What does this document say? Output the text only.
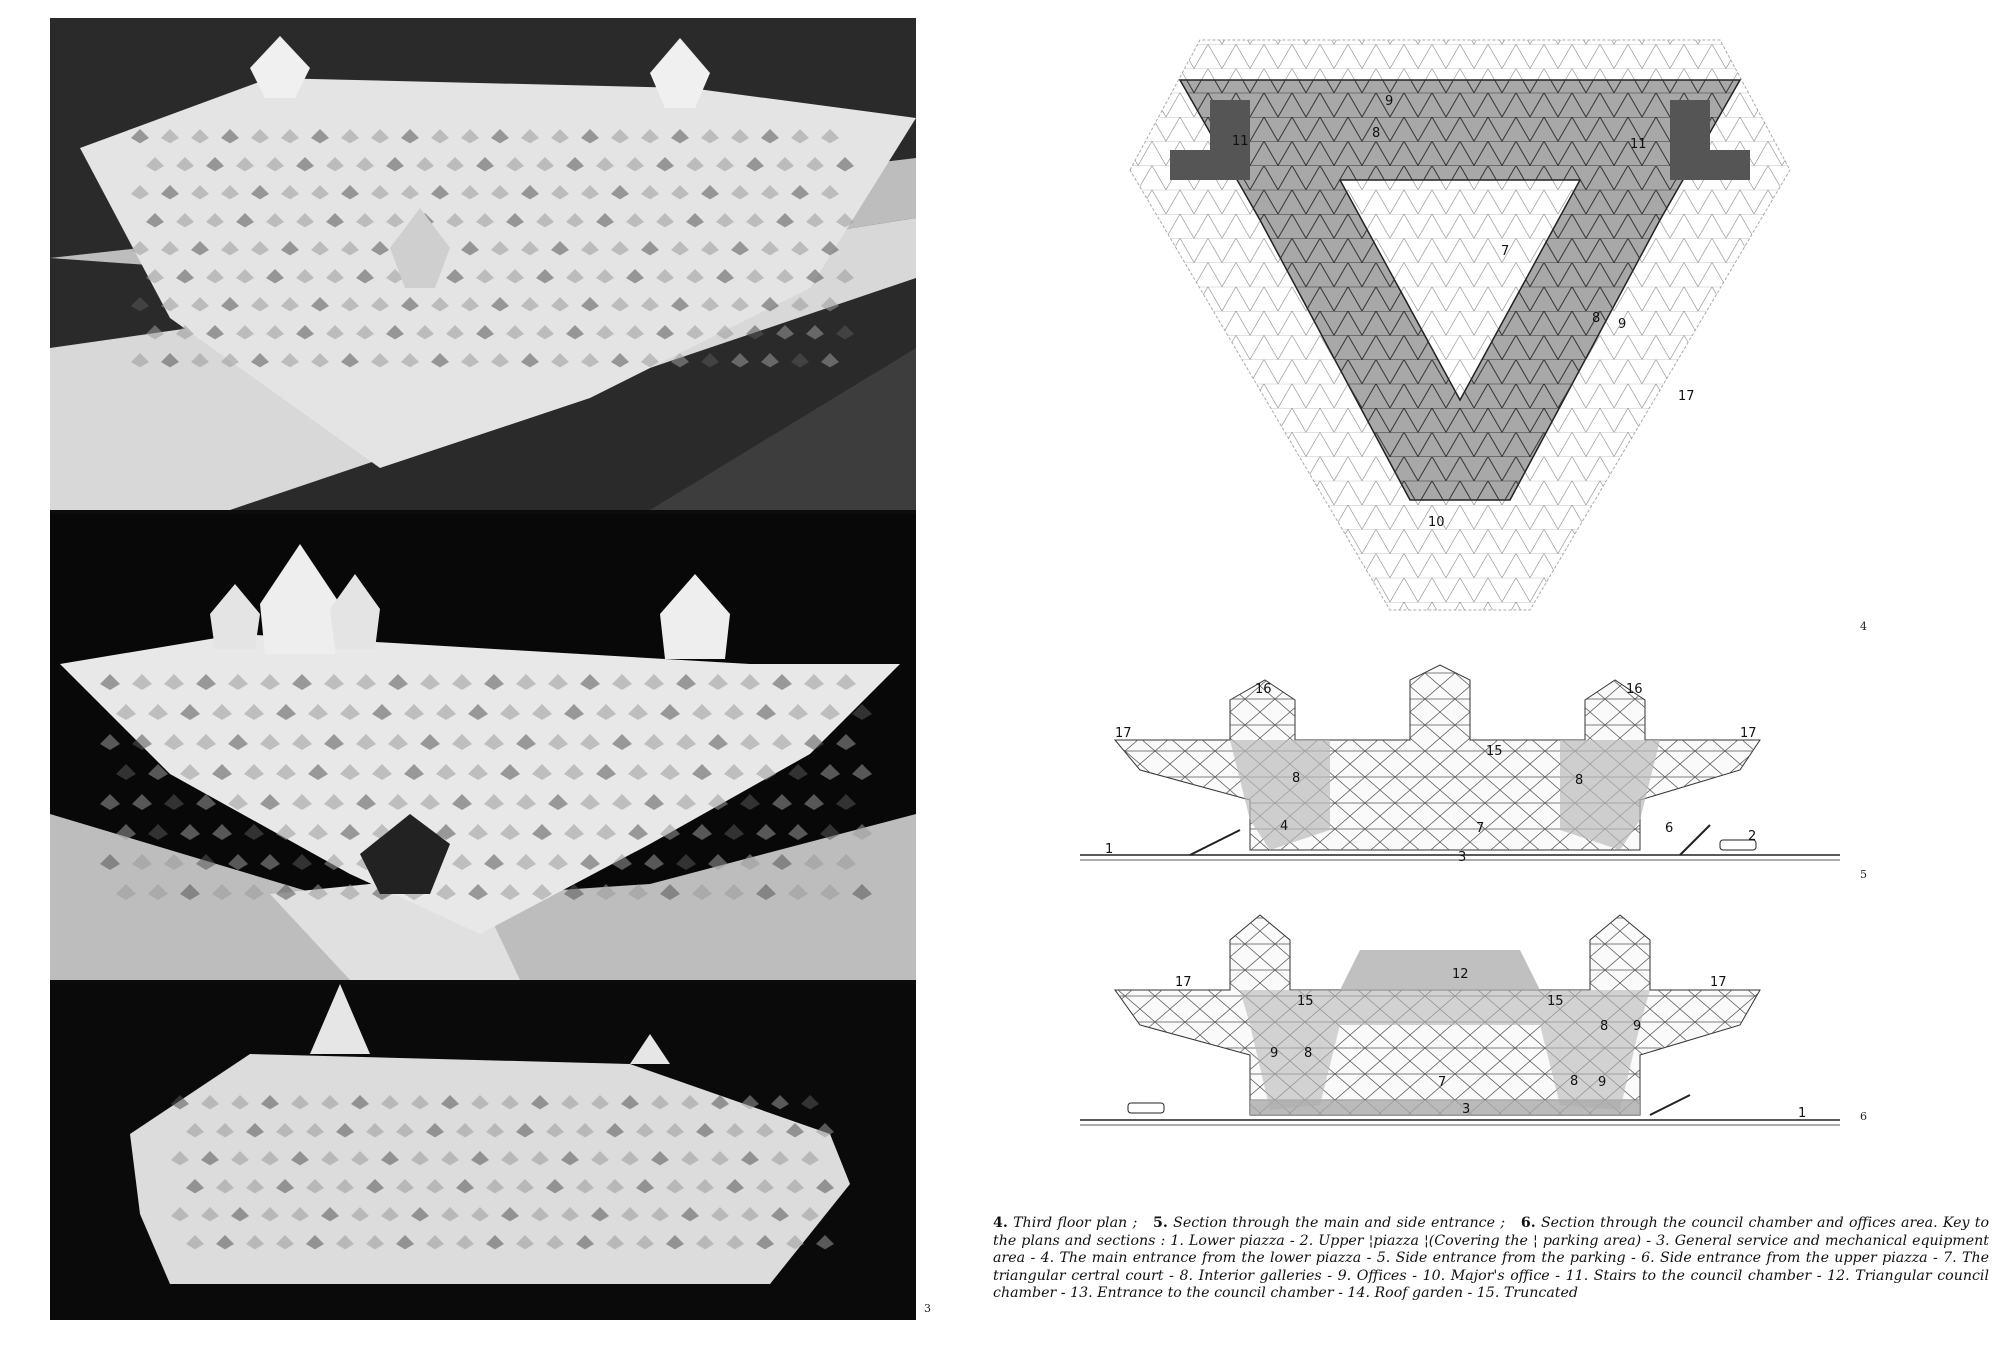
3
9
8
11	11
7
8 9
17
10
4
16	16
17	17
15
8	8
7
4	6
1
2
3
5
17	17
12
15	15
8 9
9 8
7	8 9
3	1	6
4. Third floor plan ; 5. Section through the main and side entrance ; 6. Section through the council chamber and offices area. Key to the plans and sections : 1. Lower piazza - 2. Upper ¦piazza ¦(Covering the ¦ parking area) - 3. General service and mechanical equipment area - 4. The main entrance from the lower piazza - 5. Side entrance from the parking - 6. Side entrance from the upper piazza - 7. The triangular certral court - 8. Interior galleries - 9. Offices - 10. Major's office - 11. Stairs to the council chamber - 12. Triangular council chamber - 13. Entrance to the council chamber - 14. Roof garden - 15. Truncated
